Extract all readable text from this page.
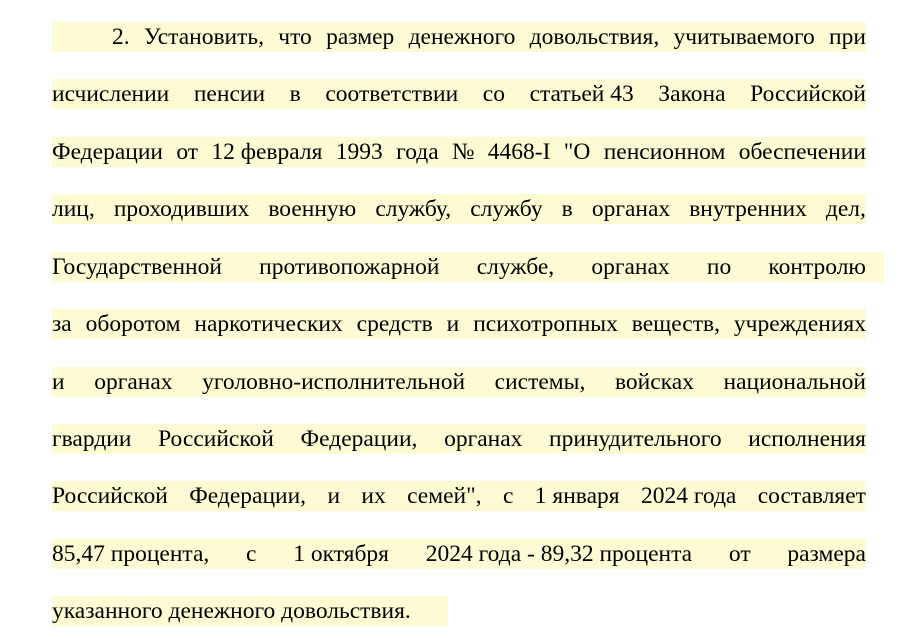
2. Установить, что размер денежного довольствия, учитываемого при
исчислении пенсии в соответствии со статьей 43 Закона Российской
Федерации от 12 февраля 1993 года № 4468-I "О пенсионном обеспечении
лиц, проходивших военную службу, службу в органах внутренних дел,
Государственной противопожарной службе, органах по контролю
за оборотом наркотических средств и психотропных веществ, учреждениях
и органах уголовно-исполнительной системы, войсках национальной
гвардии Российской Федерации, органах принудительного исполнения
Российской Федерации, и их семей", с 1 января 2024 года составляет
85,47 процента, с 1 октября 2024 года - 89,32 процента от размера
указанного денежного довольствия.
